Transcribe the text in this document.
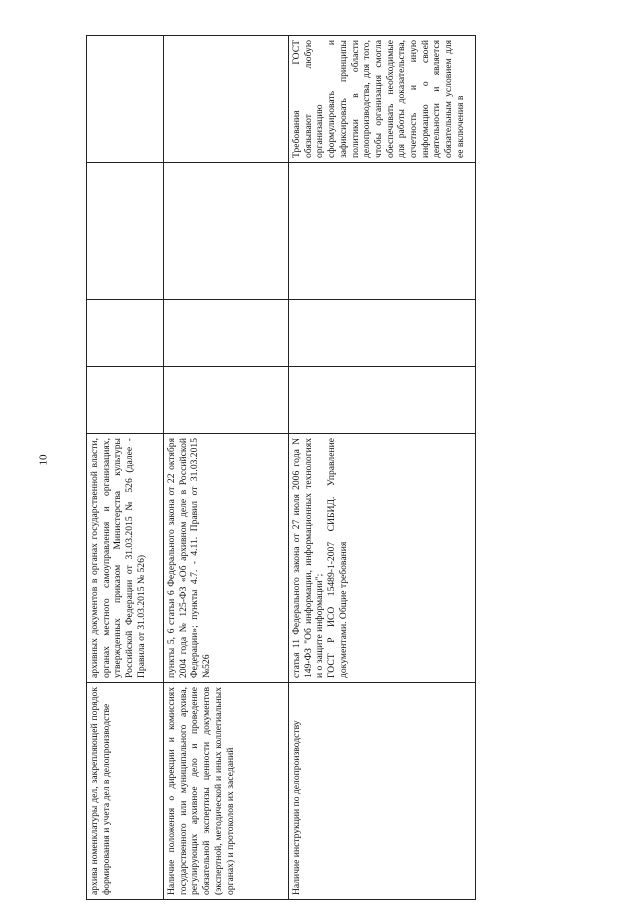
10
архива номенклатуры дел, закрепляющей порядок формирования и учета дел в делопроизводстве	архивных документов в органах государственной власти, органах местного самоуправления и организациях, утвержденных приказом Министерства культуры Российской Федерации от 31.03.2015 № 526 (далее - Правила от 31.03.2015 № 526)				
Наличие положения о дирекции и комиссиях государственного или муниципального архива, регулирующих архивное дело и проведение обязательной экспертизы ценности документов (экспертной, методической и иных коллегиальных органах) и протоколов их заседаний	пункты 5, 6 статьи 6 Федерального закона от 22 октября 2004 года № 125-ФЗ «Об архивном деле в Российской Федерации»; пункты 4.7. - 4.11. Правил от 31.03.2015 №526				
Наличие инструкции по делопроизводству	статья 11 Федерального закона от 27 июля 2006 года N 149-ФЗ "Об информации, информационных технологиях и о защите информации"; ГОСТ Р ИСО 15489-1-2007 СИБИД. Управление документами. Общие требования				Требования ГОСТ обязывают любую организацию сформулировать и зафиксировать принципы политики в области делопроизводства, для того, чтобы организация смогла обеспечивать необходимые для работы доказательства, отчетность и иную информацию о своей деятельности и является обязательным условием для ее включения в
